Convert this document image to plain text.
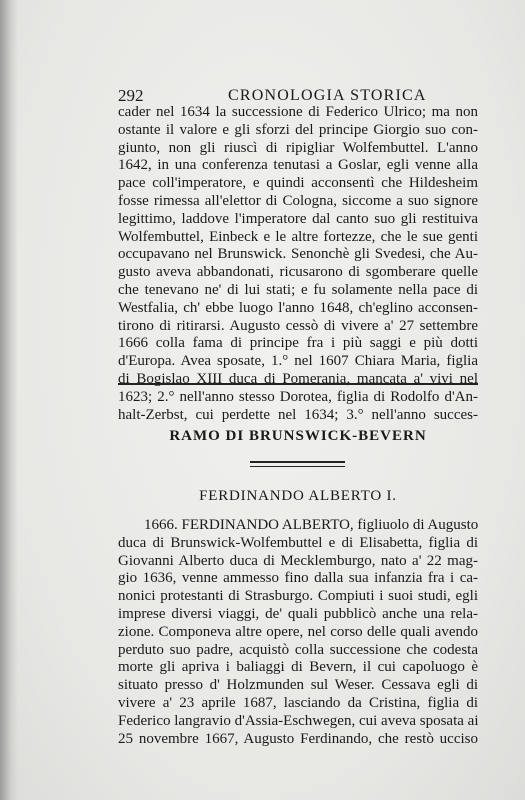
292	CRONOLOGIA STORICA

cader nel 1634 la successione di Federico Ulrico; ma non

ostante il valore e gli sforzi del principe Giorgio suo con-

giunto, non gli riuscì di ripigliar Wolfembuttel. L'anno

1642, in una conferenza tenutasi a Goslar, egli venne alla

pace coll'imperatore, e quindi acconsentì che Hildesheim

fosse rimessa all'elettor di Cologna, siccome a suo signore

legittimo, laddove l'imperatore dal canto suo gli restituiva

Wolfembuttel, Einbeck e le altre fortezze, che le sue genti

occupavano nel Brunswick. Senonchè gli Svedesi, che Au-

gusto aveva abbandonati, ricusarono di sgomberare quelle

che tenevano ne' di lui stati; e fu solamente nella pace di

Westfalia, ch' ebbe luogo l'anno 1648, ch'eglino acconsen-

tirono di ritirarsi. Augusto cessò di vivere a' 27 settembre

1666 colla fama di principe fra i più saggi e più dotti

d'Europa. Avea sposate, 1.° nel 1607 Chiara Maria, figlia

di Bogislao XIII duca di Pomerania, mancata a' vivi nel

1623; 2.° nell'anno stesso Dorotea, figlia di Rodolfo d'An-

halt-Zerbst, cui perdette nel 1634; 3.° nell'anno succes-

RAMO DI BRUNSWICK-BEVERN
FERDINANDO ALBERTO I.

1666. FERDINANDO ALBERTO, figliuolo di Augusto

duca di Brunswick-Wolfembuttel e di Elisabetta, figlia di

Giovanni Alberto duca di Mecklemburgo, nato a' 22 mag-

gio 1636, venne ammesso fino dalla sua infanzia fra i ca-

nonici protestanti di Strasburgo. Compiuti i suoi studi, egli

imprese diversi viaggi, de' quali pubblicò anche una rela-

zione. Componeva altre opere, nel corso delle quali avendo

perduto suo padre, acquistò colla successione che codesta

morte gli apriva i baliaggi di Bevern, il cui capoluogo è

situato presso d' Holzmunden sul Weser. Cessava egli di

vivere a' 23 aprile 1687, lasciando da Cristina, figlia di

Federico langravio d'Assia-Eschwegen, cui aveva sposata ai

25 novembre 1667, Augusto Ferdinando, che restò ucciso
